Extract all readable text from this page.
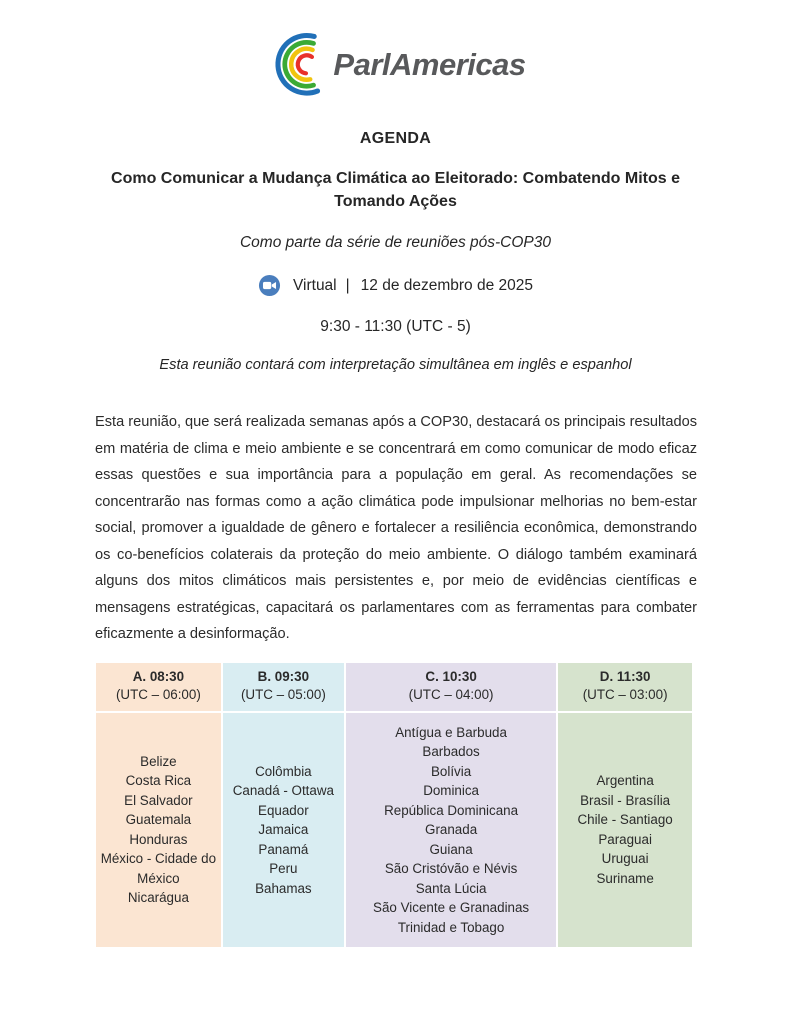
ParlAmericas
AGENDA
Como Comunicar a Mudança Climática ao Eleitorado: Combatendo Mitos e Tomando Ações
Como parte da série de reuniões pós-COP30
Virtual | 12 de dezembro de 2025
9:30 - 11:30 (UTC - 5)
Esta reunião contará com interpretação simultânea em inglês e espanhol

Esta reunião, que será realizada semanas após a COP30, destacará os principais resultados em matéria de clima e meio ambiente e se concentrará em como comunicar de modo eficaz essas questões e sua importância para a população em geral. As recomendações se concentrarão nas formas como a ação climática pode impulsionar melhorias no bem-estar social, promover a igualdade de gênero e fortalecer a resiliência econômica, demonstrando os co-benefícios colaterais da proteção do meio ambiente. O diálogo também examinará alguns dos mitos climáticos mais persistentes e, por meio de evidências científicas e mensagens estratégicas, capacitará os parlamentares com as ferramentas para combater eficazmente a desinformação.

A. 08:30
(UTC – 06:00)

B. 09:30
(UTC – 05:00)

C. 10:30
(UTC – 04:00)

D. 11:30
(UTC – 03:00)

Belize
Costa Rica
El Salvador
Guatemala
Honduras
México - Cidade do México
Nicarágua

Colômbia
Canadá - Ottawa
Equador
Jamaica
Panamá
Peru
Bahamas

Antígua e Barbuda
Barbados
Bolívia
Dominica
República Dominicana
Granada
Guiana
São Cristóvão e Névis
Santa Lúcia
São Vicente e Granadinas
Trinidad e Tobago

Argentina
Brasil - Brasília
Chile - Santiago
Paraguai
Uruguai
Suriname
